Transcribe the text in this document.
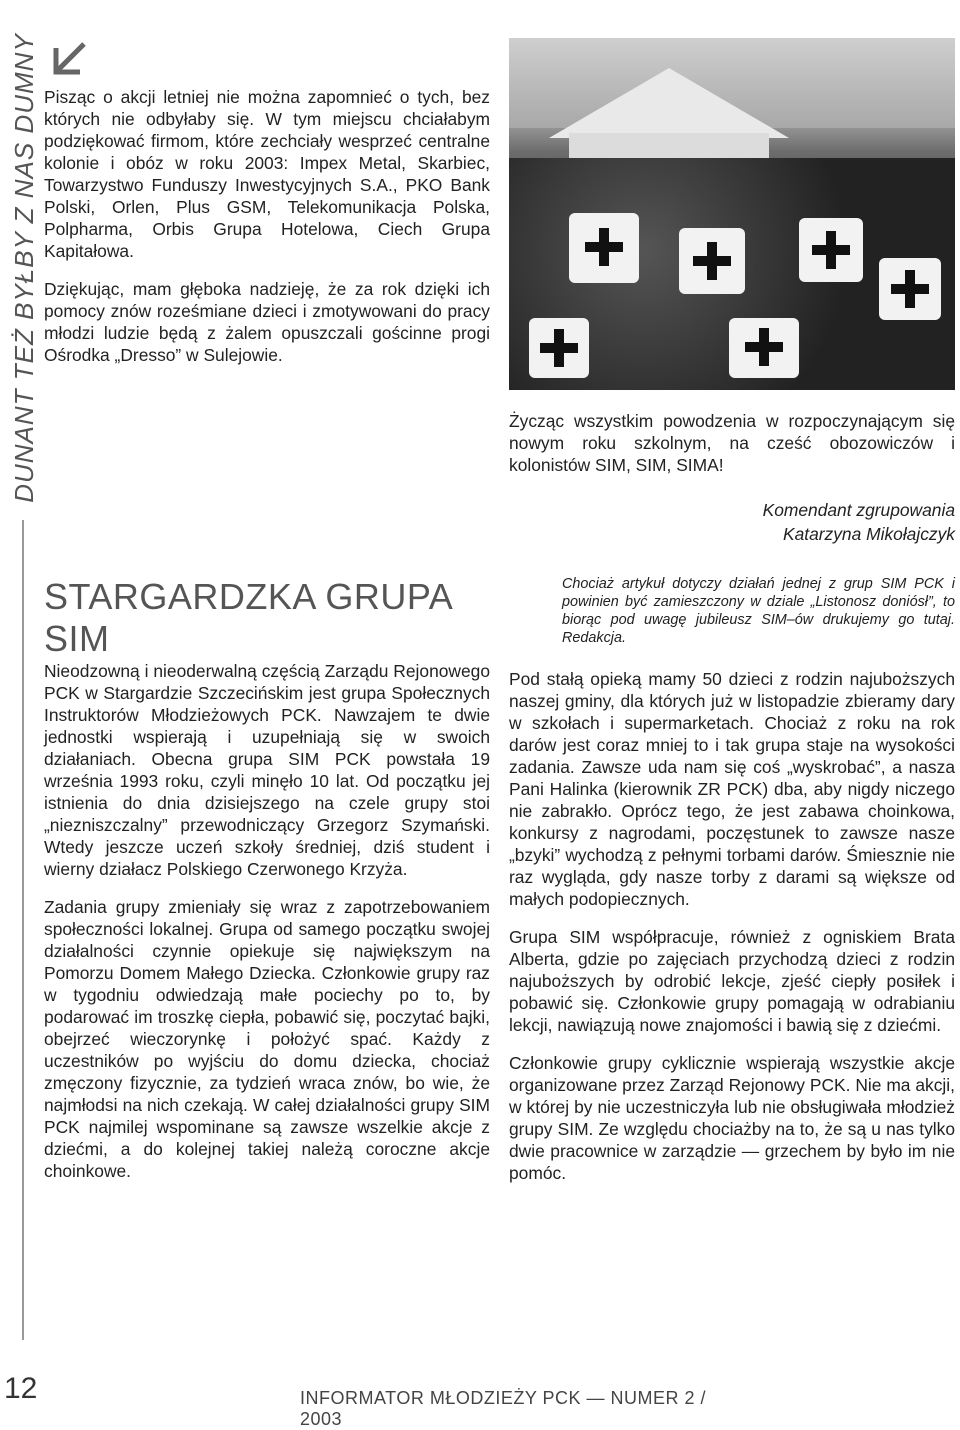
DUNANT TEŻ BYŁBY Z NAS DUMNY
12

Pisząc o akcji letniej nie można zapomnieć o tych, bez których nie odbyłaby się. W tym miejscu chciałabym podziękować firmom, które zechciały wesprzeć centralne kolonie i obóz w roku 2003: Impex Metal, Skarbiec, Towarzystwo Funduszy Inwestycyjnych S.A., PKO Bank Polski, Orlen, Plus GSM, Telekomunikacja Polska, Polpharma, Orbis Grupa Hotelowa, Ciech Grupa Kapitałowa.

Dziękując, mam głęboka nadzieję, że za rok dzięki ich pomocy znów roześmiane dzieci i zmotywowani do pracy młodzi ludzie będą z żalem opuszczali gościnne progi Ośrodka „Dresso” w Sulejowie.

Życząc wszystkim powodzenia w rozpoczynającym się nowym roku szkolnym, na cześć obozowiczów i kolonistów SIM, SIM, SIMA!
Komendant zgrupowania
Katarzyna Mikołajczyk
STARGARDZKA GRUPA SIM
Chociaż artykuł dotyczy działań jednej z grup SIM PCK i powinien być zamieszczony w dziale „Listonosz doniósł”, to biorąc pod uwagę jubileusz SIM–ów drukujemy go tutaj. Redakcja.

Nieodzowną i nieoderwalną częścią Zarządu Rejonowego PCK w Stargardzie Szczecińskim jest grupa Społecznych Instruktorów Młodzieżowych PCK. Nawzajem te dwie jednostki wspierają i uzupełniają się w swoich działaniach. Obecna grupa SIM PCK powstała 19 września 1993 roku, czyli minęło 10 lat. Od początku jej istnienia do dnia dzisiejszego na czele grupy stoi „niezniszczalny” przewodniczący Grzegorz Szymański. Wtedy jeszcze uczeń szkoły średniej, dziś student i wierny działacz Polskiego Czerwonego Krzyża.

Zadania grupy zmieniały się wraz z zapotrzebowaniem społeczności lokalnej. Grupa od samego początku swojej działalności czynnie opiekuje się największym na Pomorzu Domem Małego Dziecka. Członkowie grupy raz w tygodniu odwiedzają małe pociechy po to, by podarować im troszkę ciepła, pobawić się, poczytać bajki, obejrzeć wieczorynkę i położyć spać. Każdy z uczestników po wyjściu do domu dziecka, chociaż zmęczony fizycznie, za tydzień wraca znów, bo wie, że najmłodsi na nich czekają. W całej działalności grupy SIM PCK najmilej wspominane są zawsze wszelkie akcje z dziećmi, a do kolejnej takiej należą coroczne akcje choinkowe.

Pod stałą opieką mamy 50 dzieci z rodzin najuboższych naszej gminy, dla których już w listopadzie zbieramy dary w szkołach i supermarketach. Chociaż z roku na rok darów jest coraz mniej to i tak grupa staje na wysokości zadania. Zawsze uda nam się coś „wyskrobać”, a nasza Pani Halinka (kierownik ZR PCK) dba, aby nigdy niczego nie zabrakło. Oprócz tego, że jest zabawa choinkowa, konkursy z nagrodami, poczęstunek to zawsze nasze „bzyki” wychodzą z pełnymi torbami darów. Śmiesznie nie raz wygląda, gdy nasze torby z darami są większe od małych podopiecznych.

Grupa SIM współpracuje, również z ogniskiem Brata Alberta, gdzie po zajęciach przychodzą dzieci z rodzin najuboższych by odrobić lekcje, zjeść ciepły posiłek i pobawić się. Członkowie grupy pomagają w odrabianiu lekcji, nawiązują nowe znajomości i bawią się z dziećmi.

Członkowie grupy cyklicznie wspierają wszystkie akcje organizowane przez Zarząd Rejonowy PCK. Nie ma akcji, w której by nie uczestniczyła lub nie obsługiwała młodzież grupy SIM. Ze względu chociażby na to, że są u nas tylko dwie pracownice w zarządzie — grzechem by było im nie pomóc.

INFORMATOR MŁODZIEŻY PCK — NUMER 2 / 2003
